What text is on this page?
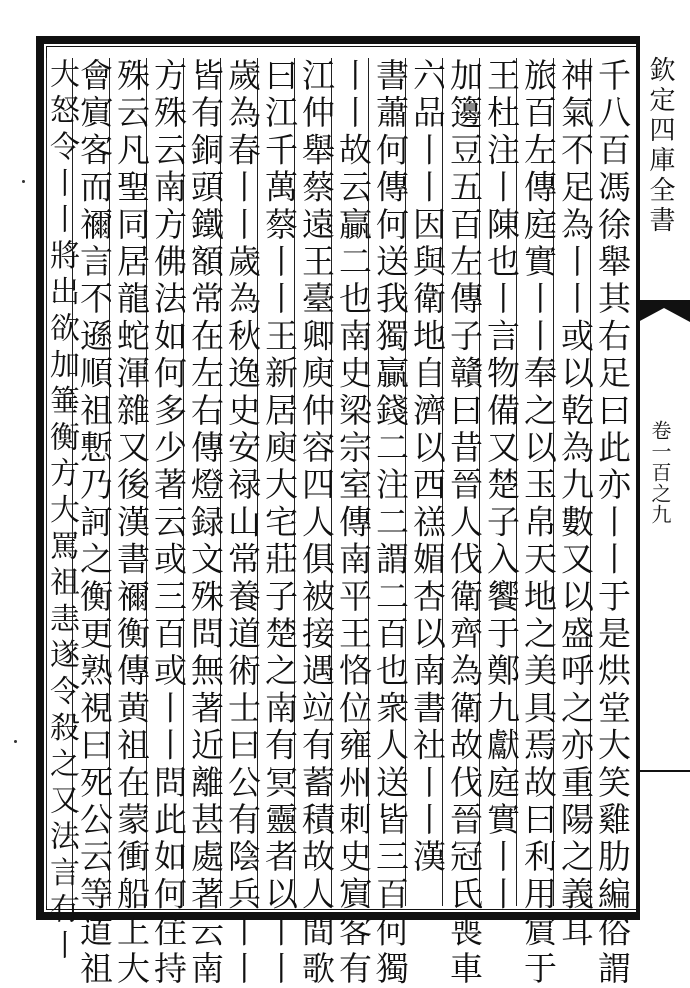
欽定四庫全書
卷一百之九
千八百馮徐舉其右足曰此亦丨丨于是烘堂大笑雞肋編俗謂
神氣不足為丨丨或以乾為九數又以盛呼之亦重陽之義耳
旅百左傳庭實丨丨奉之以玉帛天地之美具焉故曰利用賔于
王杜注丨陳也丨言物備又楚子入饗于鄭九獻庭實丨丨
加籩豆五百左傳子贛曰昔晉人伐衛齊為衛故伐晉冠氏喪車
六品丨丨因與衛地自濟以西禚媚杏以南書社丨丨漢
書蕭何傳何送我獨贏錢二注二謂二百也衆人送皆三百何獨
丨丨故云贏二也南史梁宗室傳南平王恪位雍州刺史賔客有
江仲舉蔡遠王臺卿庾仲容四人俱被接遇竝有蓄積故人間歌
曰江千萬蔡丨丨王新居庾大宅莊子楚之南有冥靈者以丨丨
歲為春丨丨歲為秋逸史安禄山常養道術士曰公有陰兵丨丨
皆有銅頭鐵額常在左右傳燈録文殊問無著近離甚處著云南
方殊云南方佛法如何多少著云或三百或丨丨問此如何住持
殊云凡聖同居龍蛇渾雜又後漢書禰衡傳黄祖在蒙衝船上大
會賔客而禰言不遜順祖慙乃訶之衡更熟視曰死公云等道祖
大怒令丨丨將出欲加箠衡方大罵祖恚遂令殺之又法言有丨
